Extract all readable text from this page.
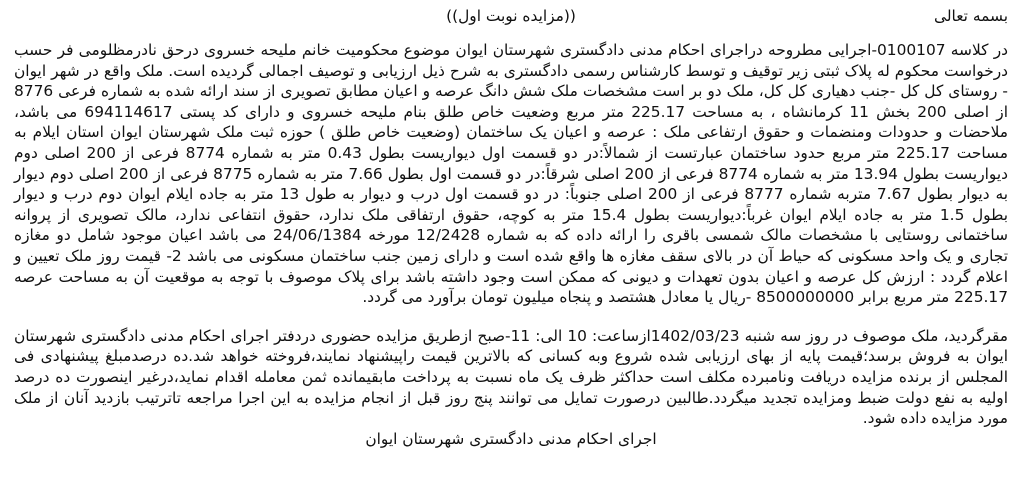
بسمه تعالی
((مزایده نوبت اول))

در کلاسه 0100107-اجرایی مطروحه دراجرای احکام مدنی دادگستری شهرستان ایوان موضوع محکومیت خانم ملیحه خسروی درحق نادرمظلومی فر حسب درخواست محکوم له پلاک ثبتی زیر توقیف و توسط کارشناس رسمی دادگستری به شرح ذیل ارزیابی و توصیف اجمالی گردیده است. ملک واقع در شهر ایوان - روستای کل کل -جنب دهیاری کل کل، ملک دو بر است مشخصات ملک شش دانگ عرصه و اعیان مطابق تصویری از سند ارائه شده به شماره فرعی 8776 از اصلی 200 بخش 11 کرمانشاه ، به مساحت 225.17 متر مربع وضعیت خاص طلق بنام ملیحه خسروی و دارای کد پستی 694114617 می باشد، ملاحضات و حدودات ومنضمات و حقوق ارتفاعی ملک : عرصه و اعیان یک ساختمان (وضعیت خاص طلق ) حوزه ثبت ملک شهرستان ایوان استان ایلام به مساحت 225.17 متر مربع حدود ساختمان عبارتست از شمالاً:در دو قسمت اول دیواریست بطول 0.43 متر به شماره 8774 فرعی از 200 اصلی دوم دیواریست بطول 13.94 متر به شماره 8774 فرعی از 200 اصلی شرقاً:در دو قسمت اول بطول 7.66 متر به شماره 8775 فرعی از 200 اصلی دوم دیوار به دیوار بطول 7.67 متربه شماره 8777 فرعی از 200 اصلی جنوباً: در دو قسمت اول درب و دیوار به طول 13 متر به جاده ایلام ایوان دوم درب و دیوار بطول 1.5 متر به جاده ایلام ایوان غرباً:دیواریست بطول 15.4 متر به کوچه، حقوق ارتفاقی ملک ندارد، حقوق انتفاعی ندارد، مالک تصویری از پروانه ساختمانی روستایی با مشخصات مالک شمسی باقری را ارائه داده که به شماره 12/2428 مورخه 24/06/1384 می باشد اعیان موجود شامل دو مغازه تجاری و یک واحد مسکونی که حیاط آن در بالای سقف مغازه ها واقع شده است و دارای زمین جنب ساختمان مسکونی می باشد 2- قیمت روز ملک تعیین و اعلام گردد : ارزش کل عرصه و اعیان بدون تعهدات و دیونی که ممکن است وجود داشته باشد برای پلاک موصوف با توجه به موقعیت آن به مساحت عرصه 225.17 متر مربع برابر 8500000000 -ریال یا معادل هشتصد و پنجاه میلیون تومان برآورد می گردد.

مقرگردید، ملک موصوف در روز سه شنبه 1402/03/23ازساعت: 10 الی: 11-صبح ازطریق مزایده حضوری دردفتر اجرای احکام مدنی دادگستری شهرستان ایوان به فروش برسد؛قیمت پایه از بهای ارزیابی شده شروع وبه کسانی که بالاترین قیمت راپیشنهاد نمایند،فروخته خواهد شد.ده درصدمبلغ پیشنهادی فی المجلس از برنده مزایده دریافت ونامبرده مکلف است حداکثر ظرف یک ماه نسبت به پرداخت مابقیمانده ثمن معامله اقدام نماید،درغیر اینصورت ده درصد اولیه به نفع دولت ضبط ومزایده تجدید میگردد.طالبین درصورت تمایل می توانند پنج روز قبل از انجام مزایده به این اجرا مراجعه تاترتیب بازدید آنان از ملک مورد مزایده داده شود.

اجرای احکام مدنی دادگستری شهرستان ایوان
